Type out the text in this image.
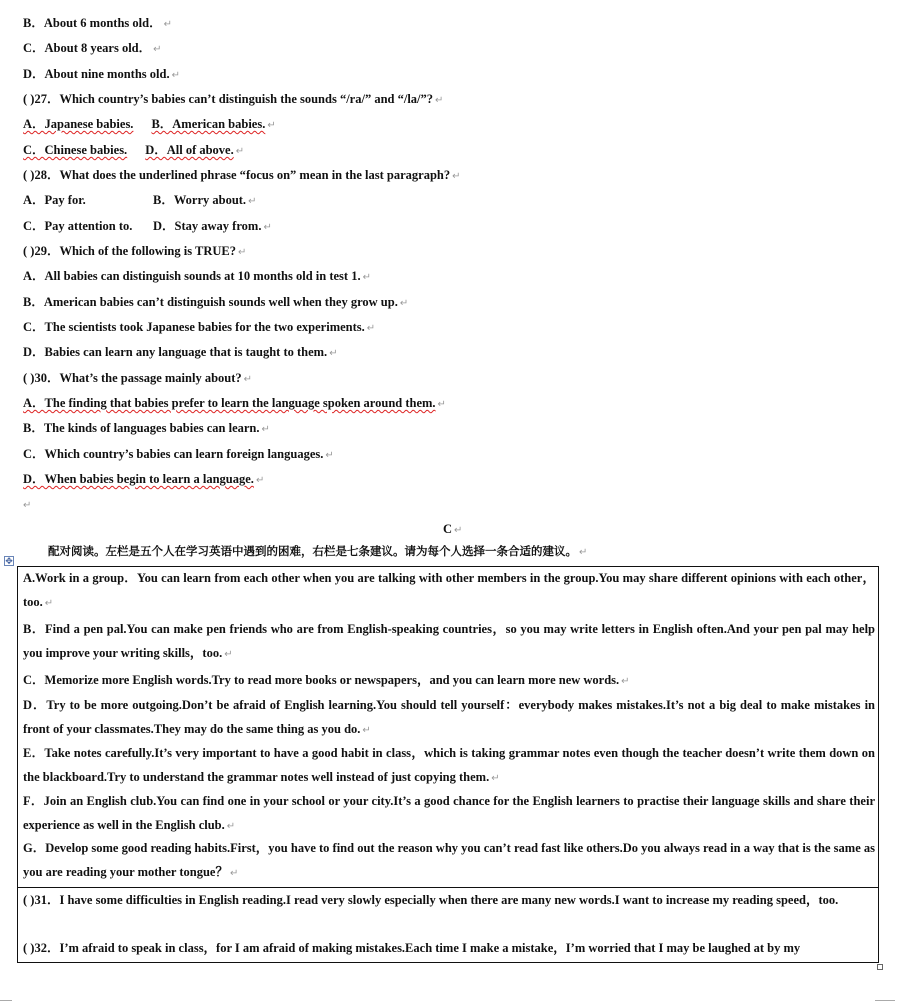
B．About 6 months old． ↵
C．About 8 years old． ↵
D．About nine months old. ↵
( )27．Which country’s babies can’t distinguish the sounds “/ra/” and “/la/”? ↵
A．Japanese babies. B．American babies. ↵
C．Chinese babies. D．All of above. ↵
( )28．What does the underlined phrase “focus on” mean in the last paragraph? ↵
A．Pay for.	B．Worry about. ↵
C．Pay attention to. D．Stay away from. ↵
( )29．Which of the following is TRUE? ↵
A．All babies can distinguish sounds at 10 months old in test 1. ↵
B．American babies can’t distinguish sounds well when they grow up. ↵
C．The scientists took Japanese babies for the two experiments. ↵
D．Babies can learn any language that is taught to them. ↵
( )30．What’s the passage mainly about? ↵
A．The finding that babies prefer to learn the language spoken around them. ↵
B．The kinds of languages babies can learn. ↵
C．Which country’s babies can learn foreign languages. ↵
D．When babies begin to learn a language. ↵
↵
C ↵
配对阅读。左栏是五个人在学习英语中遇到的困难，右栏是七条建议。请为每个人选择一条合适的建议。 ↵
✥
A.Work in a group．You can learn from each other when you are talking with other members in the group.You may share different opinions with each other，too. ↵
B．Find a pen pal.You can make pen friends who are from English-speaking countries，so you may write letters in English often.And your pen pal may help you improve your writing skills，too. ↵
C．Memorize more English words.Try to read more books or newspapers，and you can learn more new words. ↵
D．Try to be more outgoing.Don’t be afraid of English learning.You should tell yourself：everybody makes mistakes.It’s not a big deal to make mistakes in front of your classmates.They may do the same thing as you do. ↵
E．Take notes carefully.It’s very important to have a good habit in class，which is taking grammar notes even though the teacher doesn’t write them down on the blackboard.Try to understand the grammar notes well instead of just copying them. ↵
F．Join an English club.You can find one in your school or your city.It’s a good chance for the English learners to practise their language skills and share their experience as well in the English club. ↵
G．Develop some good reading habits.First，you have to find out the reason why you can’t read fast like others.Do you always read in a way that is the same as you are reading your mother tongue？ ↵
( )31．I have some difficulties in English reading.I read very slowly especially when there are many new words.I want to increase my reading speed，too.
( )32．I’m afraid to speak in class，for I am afraid of making mistakes.Each time I make a mistake，I’m worried that I may be laughed at by my
